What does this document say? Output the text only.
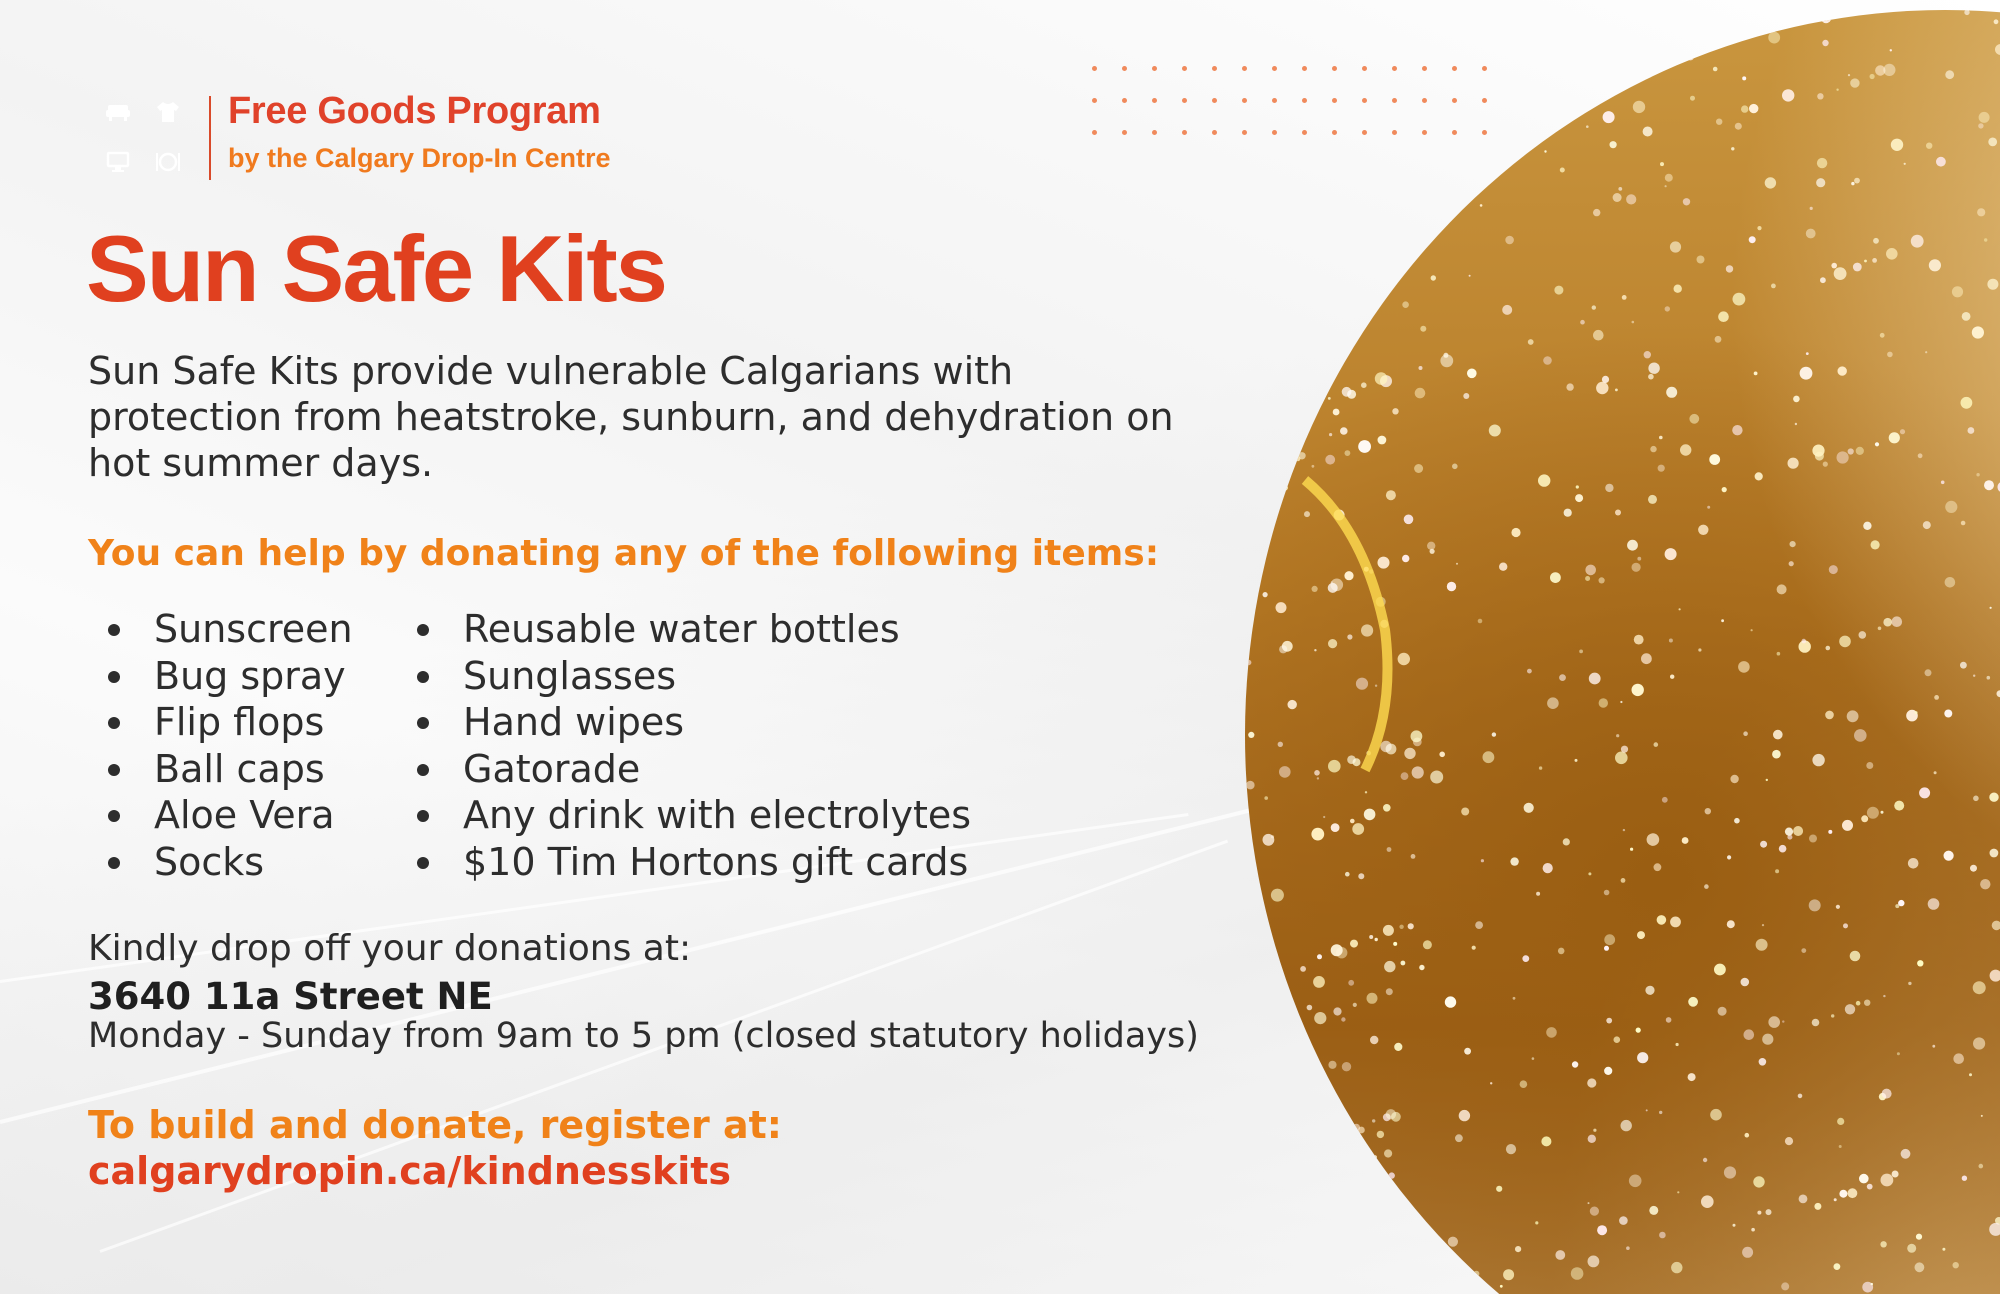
Free Goods Program
by the Calgary Drop-In Centre
Sun Safe Kits

Sun Safe Kits provide vulnerable Calgarians with protection from heatstroke, sunburn, and dehydration on hot summer days.

You can help by donating any of the following items:

Sunscreen
Bug spray
Flip flops
Ball caps
Aloe Vera
Socks
Reusable water bottles
Sunglasses
Hand wipes
Gatorade
Any drink with electrolytes
$10 Tim Hortons gift cards
Kindly drop off your donations at:
3640 11a Street NE
Monday - Sunday from 9am to 5 pm (closed statutory holidays)
To build and donate, register at:
calgarydropin.ca/kindnesskits
